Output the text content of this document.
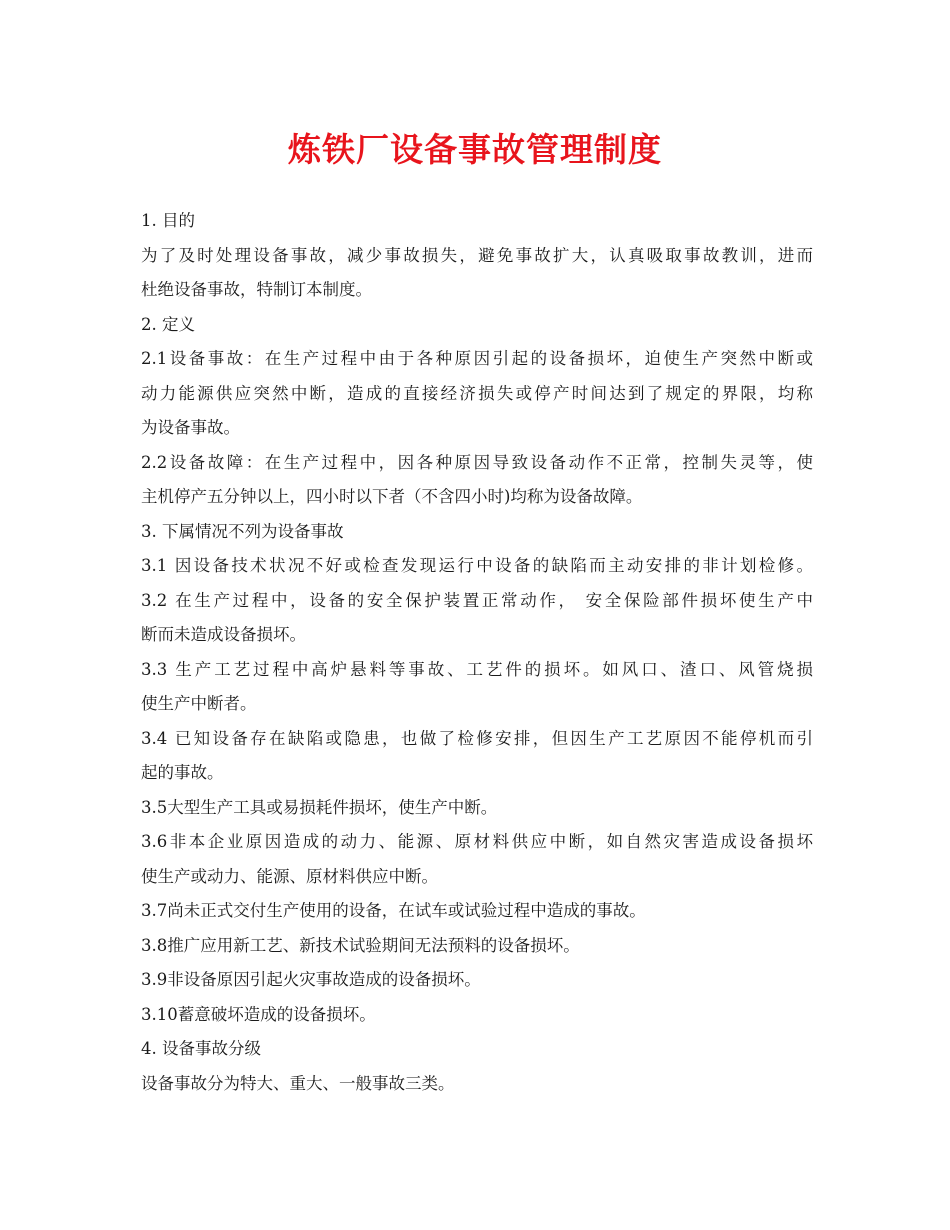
炼铁厂设备事故管理制度
1. 目的
为了及时处理设备事故，减少事故损失，避免事故扩大，认真吸取事故教训，进而
杜绝设备事故，特制订本制度。
2. 定义
2.1设备事故：在生产过程中由于各种原因引起的设备损坏，迫使生产突然中断或
动力能源供应突然中断，造成的直接经济损失或停产时间达到了规定的界限，均称
为设备事故。
2.2设备故障：在生产过程中，因各种原因导致设备动作不正常，控制失灵等，使
主机停产五分钟以上，四小时以下者（不含四小时)均称为设备故障。
3. 下属情况不列为设备事故
3.1 因设备技术状况不好或检查发现运行中设备的缺陷而主动安排的非计划检修。
3.2 在生产过程中，设备的安全保护装置正常动作， 安全保险部件损坏使生产中
断而未造成设备损坏。
3.3 生产工艺过程中高炉悬料等事故、工艺件的损坏。如风口、渣口、风管烧损
使生产中断者。
3.4 已知设备存在缺陷或隐患，也做了检修安排，但因生产工艺原因不能停机而引
起的事故。
3.5大型生产工具或易损耗件损坏，使生产中断。
3.6非本企业原因造成的动力、能源、原材料供应中断，如自然灾害造成设备损坏
使生产或动力、能源、原材料供应中断。
3.7尚未正式交付生产使用的设备，在试车或试验过程中造成的事故。
3.8推广应用新工艺、新技术试验期间无法预料的设备损坏。
3.9非设备原因引起火灾事故造成的设备损坏。
3.10蓄意破坏造成的设备损坏。
4. 设备事故分级
设备事故分为特大、重大、一般事故三类。
